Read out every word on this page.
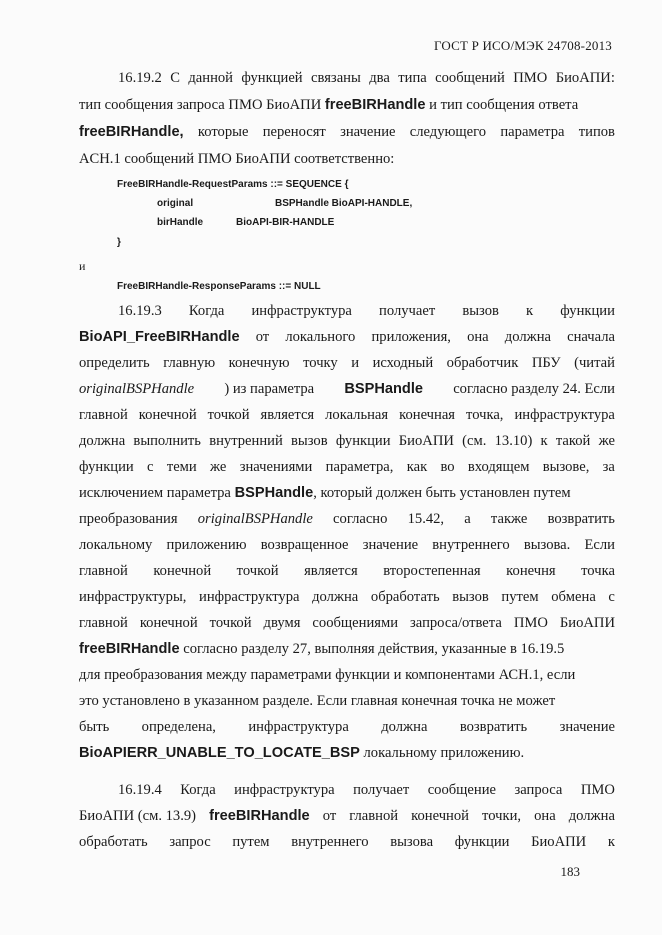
ГОСТ Р ИСО/МЭК 24708-2013
16.19.2 С данной функцией связаны два типа сообщений ПМО БиоАПИ:
тип сообщения запроса ПМО БиоАПИ freeBIRHandle и тип сообщения ответа
freeBIRHandle, которые переносят значение следующего параметра типов
ACH.1 сообщений ПМО БиоАПИ соответственно:
FreeBIRHandle-RequestParams ::= SEQUENCE {
original	BSPHandle BioAPI-HANDLE,
birHandle	BioAPI-BIR-HANDLE
}
и
FreeBIRHandle-ResponseParams ::= NULL
16.19.3 Когда инфраструктура получает вызов к функции
BioAPI_FreeBIRHandle от локального приложения, она должна сначала
определить главную конечную точку и исходный обработчик ПБУ (читай
originalBSPHandle ) из параметра BSPHandle согласно разделу 24. Если
главной конечной точкой является локальная конечная точка, инфраструктура
должна выполнить внутренний вызов функции БиоАПИ (см. 13.10) к такой же
функции с теми же значениями параметра, как во входящем вызове, за
исключением параметра BSPHandle, который должен быть установлен путем
преобразования originalBSPHandle согласно 15.42, а также возвратить
локальному приложению возвращенное значение внутреннего вызова. Если
главной конечной точкой является второстепенная конечня точка
инфраструктуры, инфраструктура должна обработать вызов путем обмена с
главной конечной точкой двумя сообщениями запроса/ответа ПМО БиоАПИ
freeBIRHandle согласно разделу 27, выполняя действия, указанные в 16.19.5
для преобразования между параметрами функции и компонентами АСН.1, если
это установлено в указанном разделе. Если главная конечная точка не может
быть определена, инфраструктура должна возвратить значение
BioAPIERR_UNABLE_TO_LOCATE_BSP локальному приложению.
16.19.4 Когда инфраструктура получает сообщение запроса ПМО
БиоАПИ (см. 13.9) freeBIRHandle от главной конечной точки, она должна
обработать запрос путем внутреннего вызова функции БиоАПИ к
183
